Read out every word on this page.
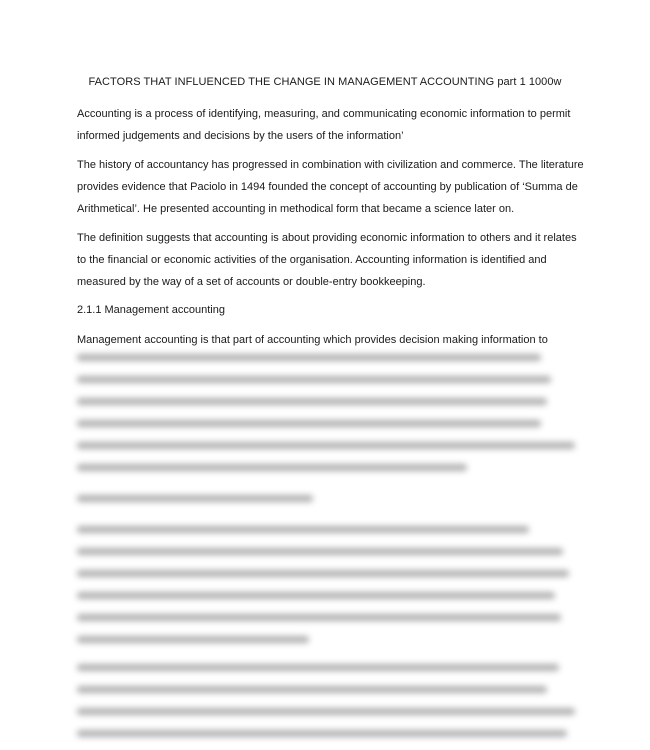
FACTORS THAT INFLUENCED THE CHANGE IN MANAGEMENT ACCOUNTING part 1 1000w

Accounting is a process of identifying, measuring, and communicating economic information to permit

informed judgements and decisions by the users of the information’

The history of accountancy has progressed in combination with civilization and commerce. The literature

provides evidence that Paciolo in 1494 founded the concept of accounting by publication of ‘Summa de

Arithmetical’. He presented accounting in methodical form that became a science later on.

The definition suggests that accounting is about providing economic information to others and it relates

to the financial or economic activities of the organisation. Accounting information is identified and

measured by the way of a set of accounts or double-entry bookkeeping.

2.1.1 Management accounting

Management accounting is that part of accounting which provides decision making information to
